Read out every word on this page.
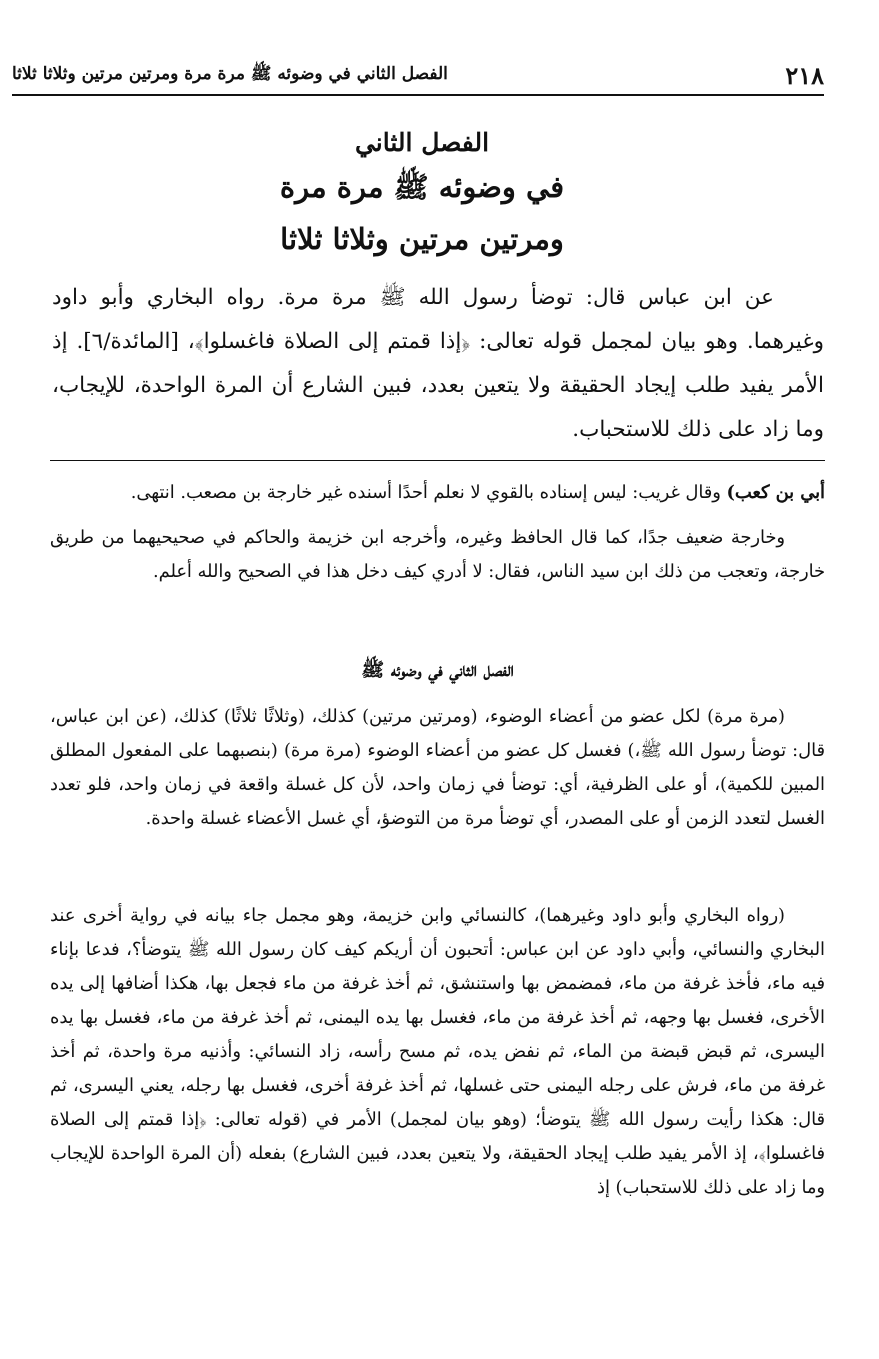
٢١٨
الفصل الثاني في وضوئه ﷺ مرة مرة ومرتين مرتين وثلاثا ثلاثا
الفصل الثاني
في وضوئه ﷺ مرة مرة
ومرتين مرتين وثلاثا ثلاثا

عن ابن عباس قال: توضأ رسول الله ﷺ مرة مرة. رواه البخاري وأبو داود وغيرهما. وهو بيان لمجمل قوله تعالى: ﴿إذا قمتم إلى الصلاة فاغسلوا﴾، [المائدة/٦]. إذ الأمر يفيد طلب إيجاد الحقيقة ولا يتعين بعدد، فبين الشارع أن المرة الواحدة، للإيجاب، وما زاد على ذلك للاستحباب.

أبي بن كعب) وقال غريب: ليس إسناده بالقوي لا نعلم أحدًا أسنده غير خارجة بن مصعب. انتهى.

وخارجة ضعيف جدًا، كما قال الحافظ وغيره، وأخرجه ابن خزيمة والحاكم في صحيحيهما من طريق خارجة، وتعجب من ذلك ابن سيد الناس، فقال: لا أدري كيف دخل هذا في الصحيح والله أعلم.

الفصل الثاني في وضوئه ﷺ

(مرة مرة) لكل عضو من أعضاء الوضوء، (ومرتين مرتين) كذلك، (وثلاثًا ثلاثًا) كذلك، (عن ابن عباس، قال: توضأ رسول الله ﷺ،) فغسل كل عضو من أعضاء الوضوء (مرة مرة) (بنصبهما على المفعول المطلق المبين للكمية)، أو على الظرفية، أي: توضأ في زمان واحد، لأن كل غسلة واقعة في زمان واحد، فلو تعدد الغسل لتعدد الزمن أو على المصدر، أي توضأ مرة من التوضؤ، أي غسل الأعضاء غسلة واحدة.

(رواه البخاري وأبو داود وغيرهما)، كالنسائي وابن خزيمة، وهو مجمل جاء بيانه في رواية أخرى عند البخاري والنسائي، وأبي داود عن ابن عباس: أتحبون أن أريكم كيف كان رسول الله ﷺ يتوضأ؟، فدعا بإناء فيه ماء، فأخذ غرفة من ماء، فمضمض بها واستنشق، ثم أخذ غرفة من ماء فجعل بها، هكذا أضافها إلى يده الأخرى، فغسل بها وجهه، ثم أخذ غرفة من ماء، فغسل بها يده اليمنى، ثم أخذ غرفة من ماء، فغسل بها يده اليسرى، ثم قبض قبضة من الماء، ثم نفض يده، ثم مسح رأسه، زاد النسائي: وأذنيه مرة واحدة، ثم أخذ غرفة من ماء، فرش على رجله اليمنى حتى غسلها، ثم أخذ غرفة أخرى، فغسل بها رجله، يعني اليسرى، ثم قال: هكذا رأيت رسول الله ﷺ يتوضأ؛ (وهو بيان لمجمل) الأمر في (قوله تعالى: ﴿إذا قمتم إلى الصلاة فاغسلوا﴾، إذ الأمر يفيد طلب إيجاد الحقيقة، ولا يتعين بعدد، فبين الشارع) بفعله (أن المرة الواحدة للإيجاب وما زاد على ذلك للاستحباب) إذ
